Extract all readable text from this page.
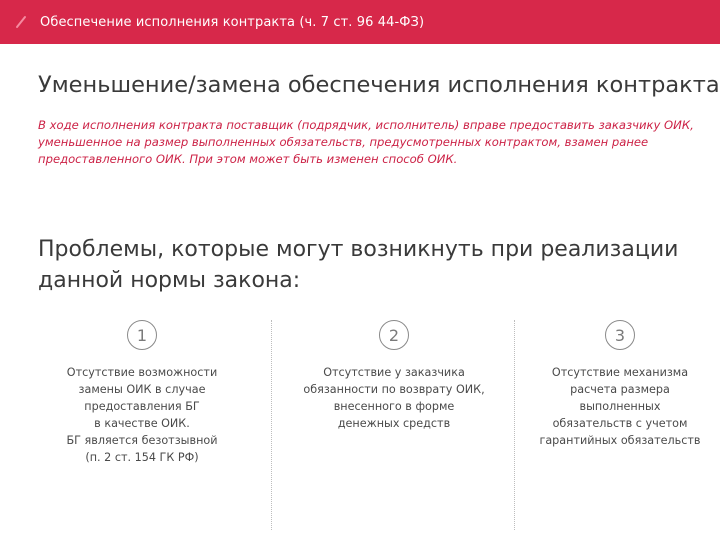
Обеспечение исполнения контракта (ч. 7 ст. 96 44-ФЗ)
Уменьшение/замена обеспечения исполнения контракта
В ходе исполнения контракта поставщик (подрядчик, исполнитель) вправе предоставить заказчику ОИК, уменьшенное на размер выполненных обязательств, предусмотренных контрактом, взамен ранее предоставленного ОИК. При этом может быть изменен способ ОИК.
Проблемы, которые могут возникнуть при реализации
данной нормы закона:
1
Отсутствие возможности
замены ОИК в случае
предоставления БГ
в качестве ОИК.
БГ является безотзывной
(п. 2 ст. 154 ГК РФ)
2
Отсутствие у заказчика
обязанности по возврату ОИК,
внесенного в форме
денежных средств
3
Отсутствие механизма
расчета размера
выполненных
обязательств с учетом
гарантийных обязательств
